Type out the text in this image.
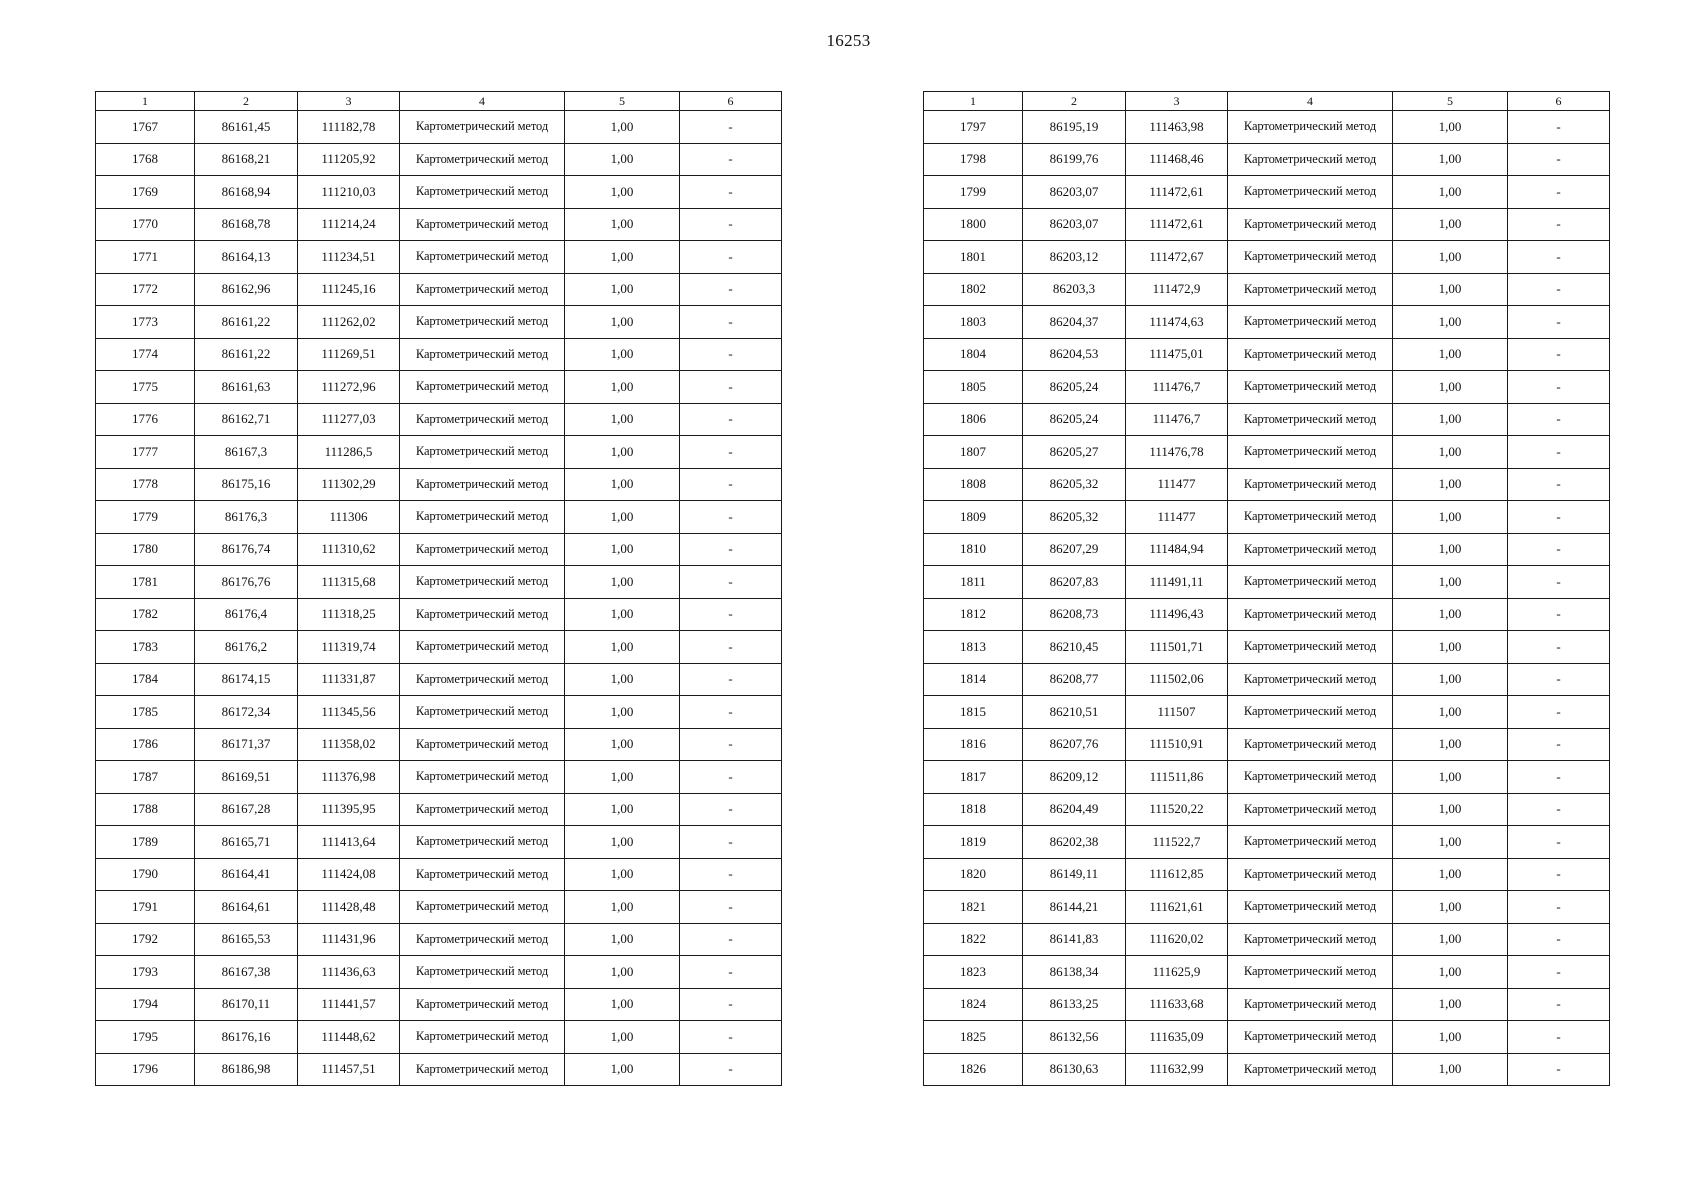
16253
1	2	3	4	5	6
1767	86161,45	111182,78	Картометрический метод	1,00	-
1768	86168,21	111205,92	Картометрический метод	1,00	-
1769	86168,94	111210,03	Картометрический метод	1,00	-
1770	86168,78	111214,24	Картометрический метод	1,00	-
1771	86164,13	111234,51	Картометрический метод	1,00	-
1772	86162,96	111245,16	Картометрический метод	1,00	-
1773	86161,22	111262,02	Картометрический метод	1,00	-
1774	86161,22	111269,51	Картометрический метод	1,00	-
1775	86161,63	111272,96	Картометрический метод	1,00	-
1776	86162,71	111277,03	Картометрический метод	1,00	-
1777	86167,3	111286,5	Картометрический метод	1,00	-
1778	86175,16	111302,29	Картометрический метод	1,00	-
1779	86176,3	111306	Картометрический метод	1,00	-
1780	86176,74	111310,62	Картометрический метод	1,00	-
1781	86176,76	111315,68	Картометрический метод	1,00	-
1782	86176,4	111318,25	Картометрический метод	1,00	-
1783	86176,2	111319,74	Картометрический метод	1,00	-
1784	86174,15	111331,87	Картометрический метод	1,00	-
1785	86172,34	111345,56	Картометрический метод	1,00	-
1786	86171,37	111358,02	Картометрический метод	1,00	-
1787	86169,51	111376,98	Картометрический метод	1,00	-
1788	86167,28	111395,95	Картометрический метод	1,00	-
1789	86165,71	111413,64	Картометрический метод	1,00	-
1790	86164,41	111424,08	Картометрический метод	1,00	-
1791	86164,61	111428,48	Картометрический метод	1,00	-
1792	86165,53	111431,96	Картометрический метод	1,00	-
1793	86167,38	111436,63	Картометрический метод	1,00	-
1794	86170,11	111441,57	Картометрический метод	1,00	-
1795	86176,16	111448,62	Картометрический метод	1,00	-
1796	86186,98	111457,51	Картометрический метод	1,00	-
1	2	3	4	5	6
1797	86195,19	111463,98	Картометрический метод	1,00	-
1798	86199,76	111468,46	Картометрический метод	1,00	-
1799	86203,07	111472,61	Картометрический метод	1,00	-
1800	86203,07	111472,61	Картометрический метод	1,00	-
1801	86203,12	111472,67	Картометрический метод	1,00	-
1802	86203,3	111472,9	Картометрический метод	1,00	-
1803	86204,37	111474,63	Картометрический метод	1,00	-
1804	86204,53	111475,01	Картометрический метод	1,00	-
1805	86205,24	111476,7	Картометрический метод	1,00	-
1806	86205,24	111476,7	Картометрический метод	1,00	-
1807	86205,27	111476,78	Картометрический метод	1,00	-
1808	86205,32	111477	Картометрический метод	1,00	-
1809	86205,32	111477	Картометрический метод	1,00	-
1810	86207,29	111484,94	Картометрический метод	1,00	-
1811	86207,83	111491,11	Картометрический метод	1,00	-
1812	86208,73	111496,43	Картометрический метод	1,00	-
1813	86210,45	111501,71	Картометрический метод	1,00	-
1814	86208,77	111502,06	Картометрический метод	1,00	-
1815	86210,51	111507	Картометрический метод	1,00	-
1816	86207,76	111510,91	Картометрический метод	1,00	-
1817	86209,12	111511,86	Картометрический метод	1,00	-
1818	86204,49	111520,22	Картометрический метод	1,00	-
1819	86202,38	111522,7	Картометрический метод	1,00	-
1820	86149,11	111612,85	Картометрический метод	1,00	-
1821	86144,21	111621,61	Картометрический метод	1,00	-
1822	86141,83	111620,02	Картометрический метод	1,00	-
1823	86138,34	111625,9	Картометрический метод	1,00	-
1824	86133,25	111633,68	Картометрический метод	1,00	-
1825	86132,56	111635,09	Картометрический метод	1,00	-
1826	86130,63	111632,99	Картометрический метод	1,00	-
